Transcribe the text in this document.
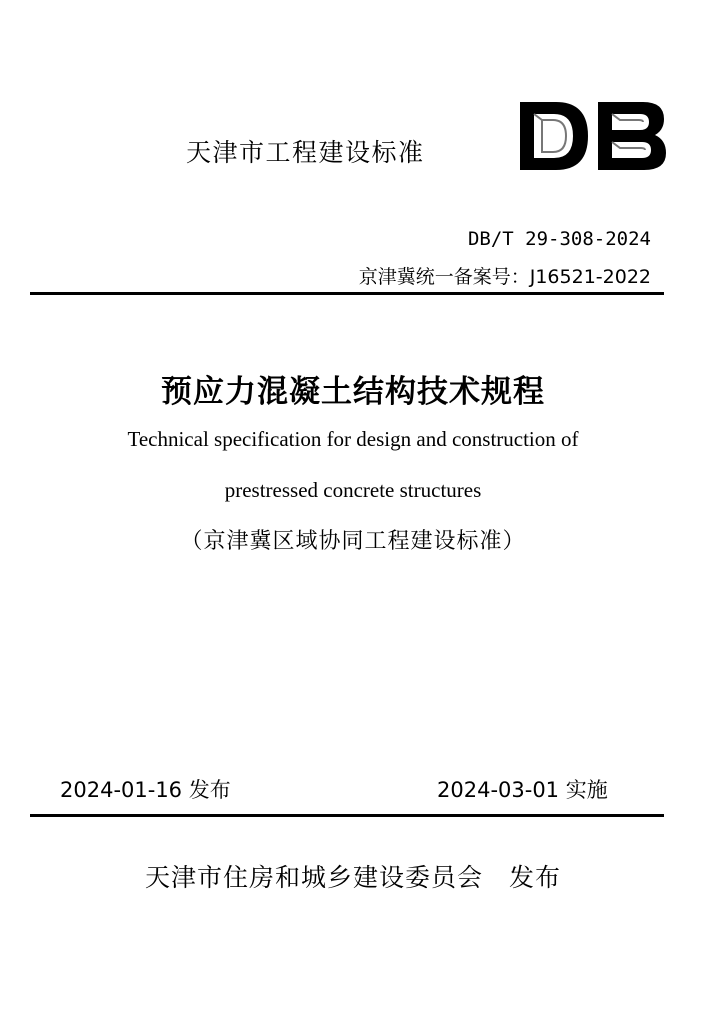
天津市工程建设标准
DB/T 29-308-2024
京津冀统一备案号：J16521-2022
预应力混凝土结构技术规程
Technical specification for design and construction of
prestressed concrete structures
（京津冀区域协同工程建设标准）
2024-01-16 发布	2024-03-01 实施
天津市住房和城乡建设委员会　发布
